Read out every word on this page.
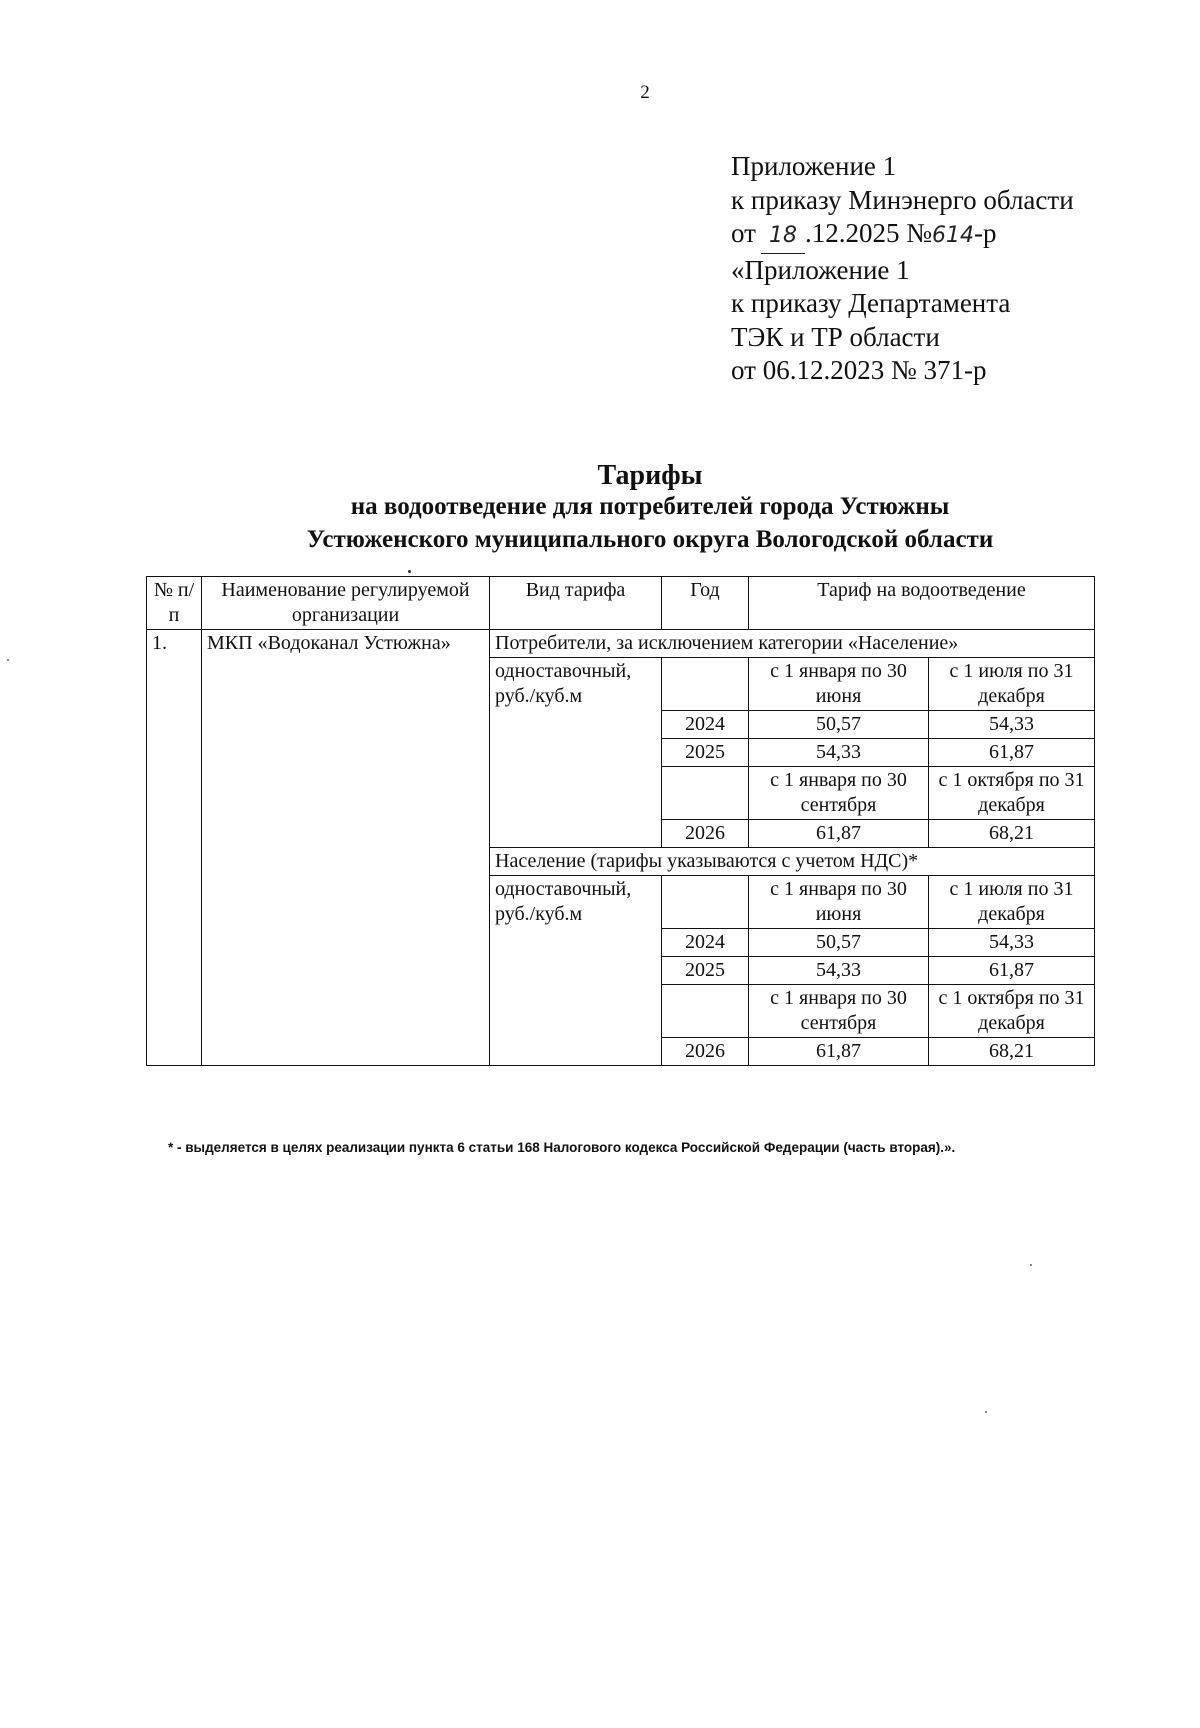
2
Приложение 1
к приказу Минэнерго области
от 18 .12.2025 №614-р
«Приложение 1
к приказу Департамента
ТЭК и ТР области
от 06.12.2023 № 371-р
Тарифы
на водоотведение для потребителей города Устюжны
Устюженского муниципального округа Вологодской области
№ п/п	Наименование регулируемой организации	Вид тарифа	Год	Тариф на водоотведение	
1.	МКП «Водоканал Устюжна»	Потребители, за исключением категории «Население»			
		одноставочный, руб./куб.м		с 1 января по 30 июня	с 1 июля по 31 декабря
			2024	50,57	54,33
			2025	54,33	61,87
				с 1 января по 30 сентября	с 1 октября по 31 декабря
			2026	61,87	68,21
		Население (тарифы указываются с учетом НДС)*			
		одноставочный, руб./куб.м		с 1 января по 30 июня	с 1 июля по 31 декабря
			2024	50,57	54,33
			2025	54,33	61,87
				с 1 января по 30 сентября	с 1 октября по 31 декабря
			2026	61,87	68,21
* - выделяется в целях реализации пункта 6 статьи 168 Налогового кодекса Российской Федерации (часть вторая).».
